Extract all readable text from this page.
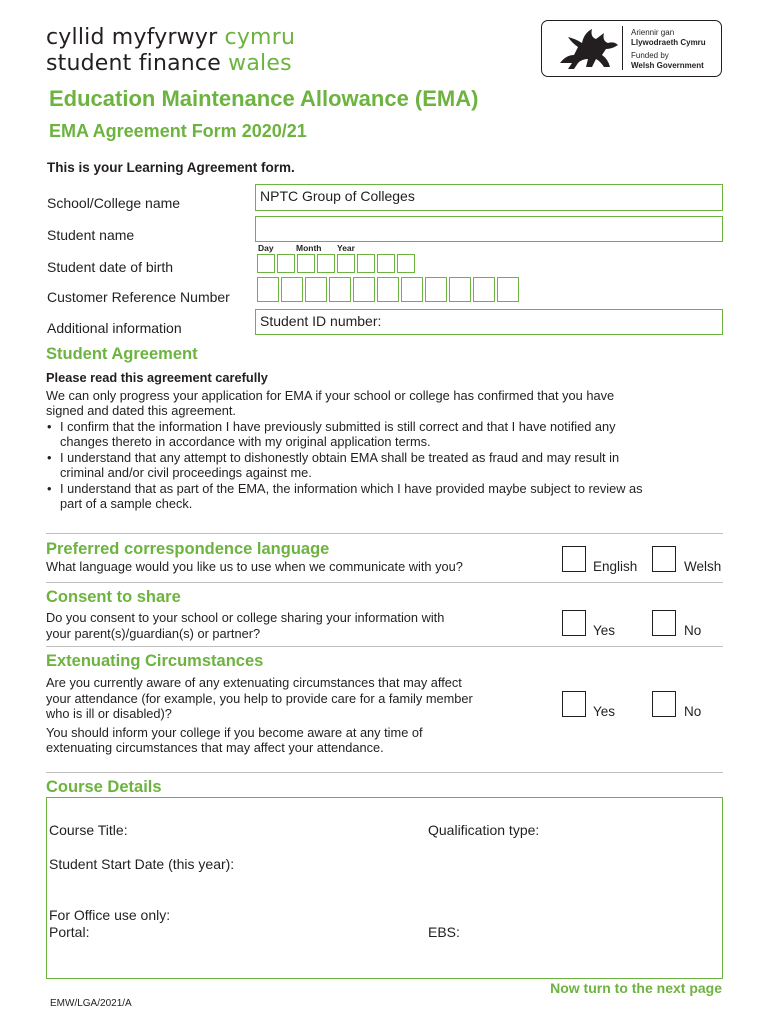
cyllid myfyrwyr cymru
student finance wales
Ariennir gan
Llywodraeth Cymru
Funded by
Welsh Government
Education Maintenance Allowance (EMA)
EMA Agreement Form 2020/21
This is your Learning Agreement form.
School/College name	NPTC Group of Colleges
Student name
Day	Month Year
Student date of birth
Customer Reference Number
Additional information	Student ID number:
Student Agreement
Please read this agreement carefully
We can only progress your application for EMA if your school or college has confirmed that you have
signed and dated this agreement.
• I confirm that the information I have previously submitted is still correct and that I have notified any
changes thereto in accordance with my original application terms.
• I understand that any attempt to dishonestly obtain EMA shall be treated as fraud and may result in
criminal and/or civil proceedings against me.
• I understand that as part of the EMA, the information which I have provided maybe subject to review as
part of a sample check.
Preferred correspondence language
What language would you like us to use when we communicate with you?	English	Welsh
Consent to share
Do you consent to your school or college sharing your information with
your parent(s)/guardian(s) or partner?	Yes	No
Extenuating Circumstances
Are you currently aware of any extenuating circumstances that may affect
your attendance (for example, you help to provide care for a family member
who is ill or disabled)?
You should inform your college if you become aware at any time of
extenuating circumstances that may affect your attendance.
Yes	No
Course Details
Course Title:	Qualification type:
Student Start Date (this year):
For Office use only:
Portal:	EBS:
Now turn to the next page
EMW/LGA/2021/A
